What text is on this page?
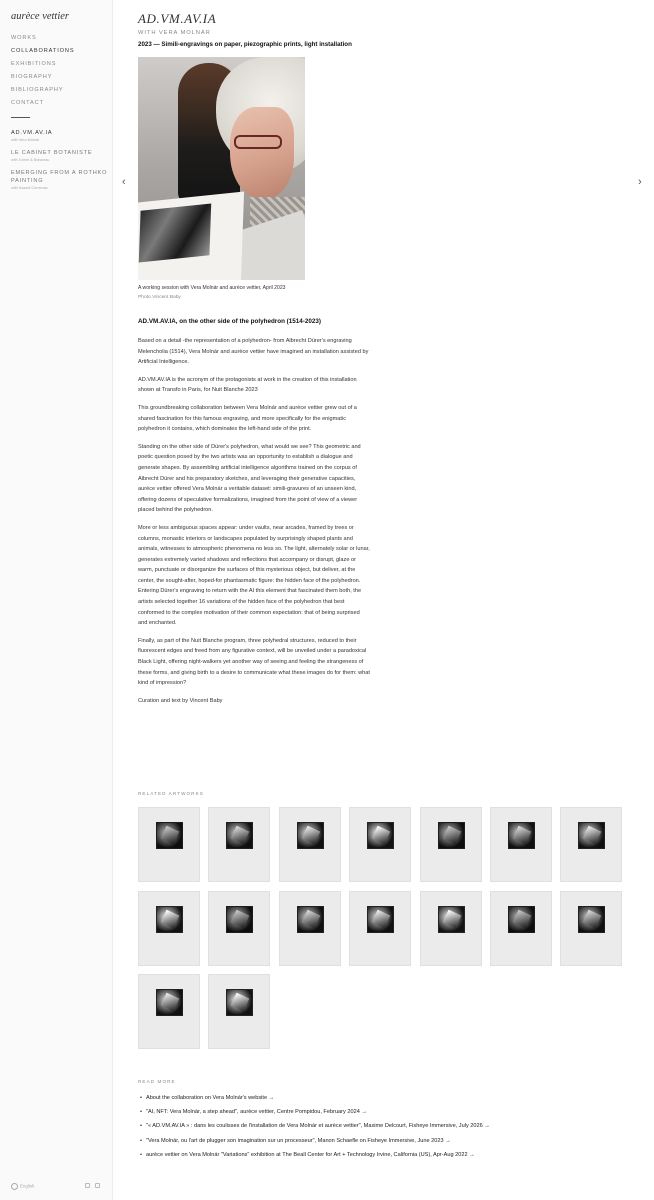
aurèce vettier
WORKS
COLLABORATIONS
EXHIBITIONS
BIOGRAPHY
BIBLIOGRAPHY
CONTACT
AD.VM.AV.IA
with Vera Molnár
LE CABINET BOTANISTE
with Grimé & Boisseau
EMERGING FROM A ROTHKO PAINTING
with Kazadi Cemenac
English
AD.VM.AV.IA
WITH VERA MOLNÁR
2023 — Simili-engravings on paper, piezographic prints, light installation
A working session with Vera Molnár and aurèce vettier, April 2023
Photo Vincent Baby
‹	›
AD.VM.AV.IA, on the other side of the polyhedron (1514-2023)

Based on a detail -the representation of a polyhedron- from Albrecht Dürer's engraving Melencholia (1514), Vera Molnár and aurèce vettier have imagined an installation assisted by Artificial Intelligence.

AD.VM.AV.IA is the acronym of the protagonists at work in the creation of this installation shown at Transfo in Paris, for Nuit Blanche 2023

This groundbreaking collaboration between Vera Molnár and aurèce vettier grew out of a shared fascination for this famous engraving, and more specifically for the enigmatic polyhedron it contains, which dominates the left-hand side of the print.

Standing on the other side of Dürer's polyhedron, what would we see? This geometric and poetic question posed by the two artists was an opportunity to establish a dialogue and generate shapes. By assembling artificial intelligence algorithms trained on the corpus of Albrecht Dürer and his preparatory sketches, and leveraging their generative capacities, aurèce vettier offered Vera Molnár a veritable dataset: simili-gravures of an unseen kind, offering dozens of speculative formalizations, imagined from the point of view of a viewer placed behind the polyhedron.

More or less ambiguous spaces appear: under vaults, near arcades, framed by trees or columns, monastic interiors or landscapes populated by surprisingly shaped plants and animals, witnesses to atmospheric phenomena no less so. The light, alternately solar or lunar, generates extremely varied shadows and reflections that accompany or disrupt, glaze or warm, punctuate or disorganize the surfaces of this mysterious object, but deliver, at the center, the sought-after, hoped-for phantasmatic figure: the hidden face of the polyhedron. Entering Dürer's engraving to return with the AI this element that fascinated them both, the artists selected together 16 variations of the hidden face of the polyhedron that best conformed to the complex motivation of their common expectation: that of being surprised and enchanted.

Finally, as part of the Nuit Blanche program, three polyhedral structures, reduced to their fluorescent edges and freed from any figurative context, will be unveiled under a paradoxical Black Light, offering night-walkers yet another way of seeing and feeling the strangeness of these forms, and giving birth to a desire to communicate what these images do for them: what kind of impression?

Curation and text by Vincent Baby

RELATED ARTWORKS
READ MORE
• About the collaboration on Vera Molnár's website →
• "AI, NFT: Vera Molnár, a step ahead", aurèce vettier, Centre Pompidou, February 2024 →
• "« AD.VM.AV.IA » : dans les coulisses de l'installation de Vera Molnár et aurèce vettier", Maxime Delcourt, Fisheye Immersive, July 2026 →
• "Vera Molnár, ou l'art de plugger son imagination sur un processeur", Manon Schaefle on Fisheye Immersive, June 2023 →
• aurèce vettier on Vera Molnár "Variations" exhibition at The Beall Center for Art + Technology Irvine, California (US), Apr-Aug 2022 →
